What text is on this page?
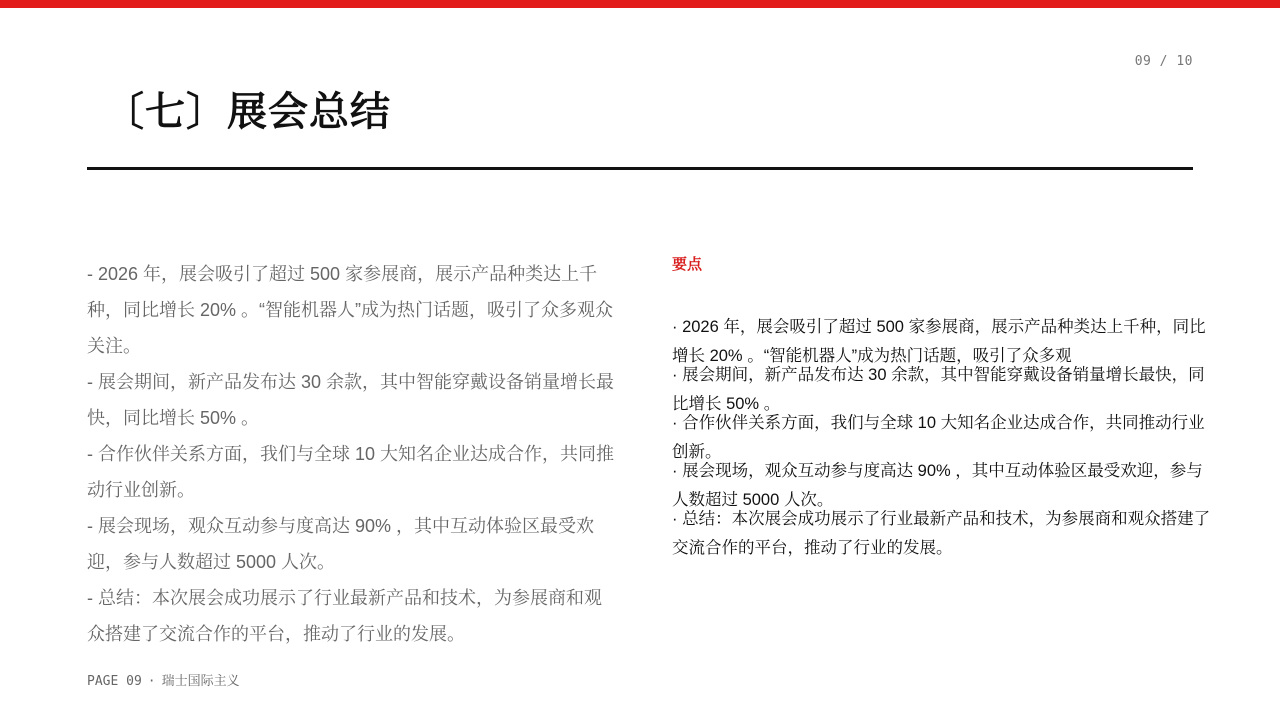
09 / 10
〔七〕展会总结

- 2026 年，展会吸引了超过 500 家参展商，展示产品种类达上千种，同比增长 20% 。“智能机器人”成为热门话题，吸引了众多观众关注。

- 展会期间，新产品发布达 30 余款，其中智能穿戴设备销量增长最快，同比增长 50% 。

- 合作伙伴关系方面，我们与全球 10 大知名企业达成合作，共同推动行业创新。

- 展会现场，观众互动参与度高达 90% ，其中互动体验区最受欢迎，参与人数超过 5000 人次。

- 总结：本次展会成功展示了行业最新产品和技术，为参展商和观众搭建了交流合作的平台，推动了行业的发展。

要点

· 2026 年，展会吸引了超过 500 家参展商，展示产品种类达上千种，同比增长 20% 。“智能机器人”成为热门话题，吸引了众多观

· 展会期间，新产品发布达 30 余款，其中智能穿戴设备销量增长最快，同比增长 50% 。

· 合作伙伴关系方面，我们与全球 10 大知名企业达成合作，共同推动行业创新。

· 展会现场，观众互动参与度高达 90% ，其中互动体验区最受欢迎，参与人数超过 5000 人次。

· 总结：本次展会成功展示了行业最新产品和技术，为参展商和观众搭建了交流合作的平台，推动了行业的发展。

PAGE 09 · 瑞士国际主义
